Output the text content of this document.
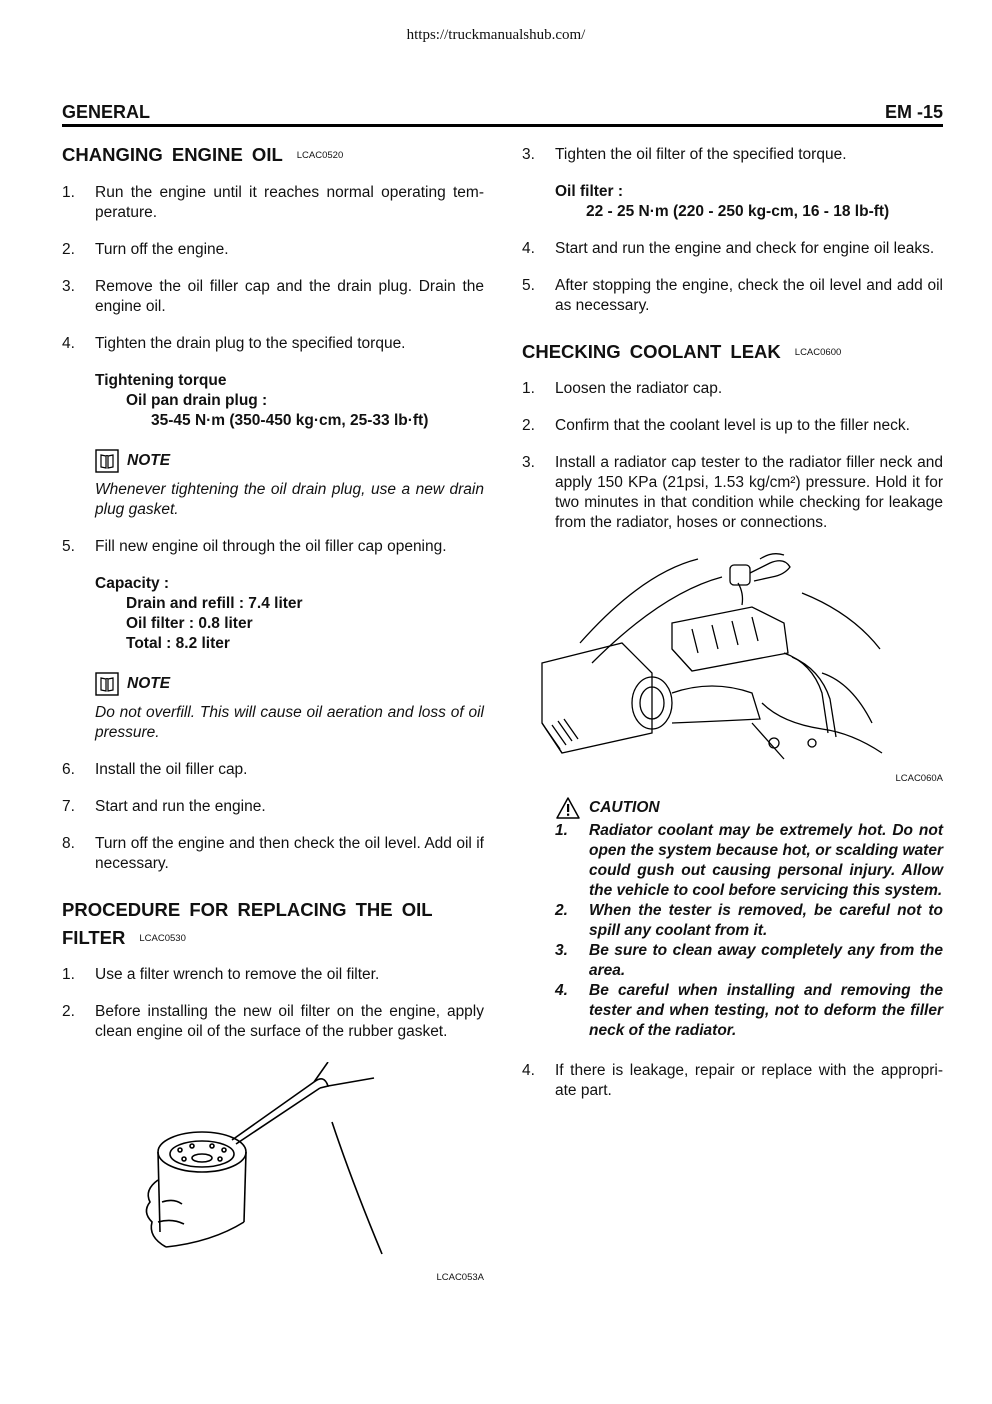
https://truckmanualshub.com/
GENERAL	EM -15
CHANGING ENGINE OIL LCAC0520
1.	Run the engine until it reaches normal operating tem-perature.
2.	Turn off the engine.
3.	Remove the oil filler cap and the drain plug. Drain the engine oil.
4.	Tighten the drain plug to the specified torque.
Tightening torque
Oil pan drain plug :
35-45 N·m (350-450 kg·cm, 25-33 lb·ft)
NOTE
Whenever tightening the oil drain plug, use a new drain plug gasket.
5.	Fill new engine oil through the oil filler cap opening.
Capacity :
Drain and refill : 7.4 liter
Oil filter : 0.8 liter
Total : 8.2 liter
NOTE
Do not overfill. This will cause oil aeration and loss of oil pressure.
6.	Install the oil filler cap.
7.	Start and run the engine.
8.	Turn off the engine and then check the oil level. Add oil if necessary.
PROCEDURE FOR REPLACING THE OIL
FILTER LCAC0530
1.	Use a filter wrench to remove the oil filter.
2.	Before installing the new oil filter on the engine, apply clean engine oil of the surface of the rubber gasket.
LCAC053A
3.	Tighten the oil filter of the specified torque.
Oil filter :
22 - 25 N·m (220 - 250 kg-cm, 16 - 18 lb-ft)
4.	Start and run the engine and check for engine oil leaks.
5.	After stopping the engine, check the oil level and add oil as necessary.
CHECKING COOLANT LEAK LCAC0600
1.	Loosen the radiator cap.
2.	Confirm that the coolant level is up to the filler neck.
3.	Install a radiator cap tester to the radiator filler neck and apply 150 KPa (21psi, 1.53 kg/cm²) pressure. Hold it for two minutes in that condition while checking for leakage from the radiator, hoses or connections.
LCAC060A
CAUTION
1.	Radiator coolant may be extremely hot. Do not open the system because hot, or scalding water could gush out causing personal injury. Allow the vehicle to cool before servicing this system.
2.	When the tester is removed, be careful not to spill any coolant from it.
3.	Be sure to clean away completely any from the area.
4.	Be careful when installing and removing the tester and when testing, not to deform the filler neck of the radiator.
4.	If there is leakage, repair or replace with the appropri-ate part.
